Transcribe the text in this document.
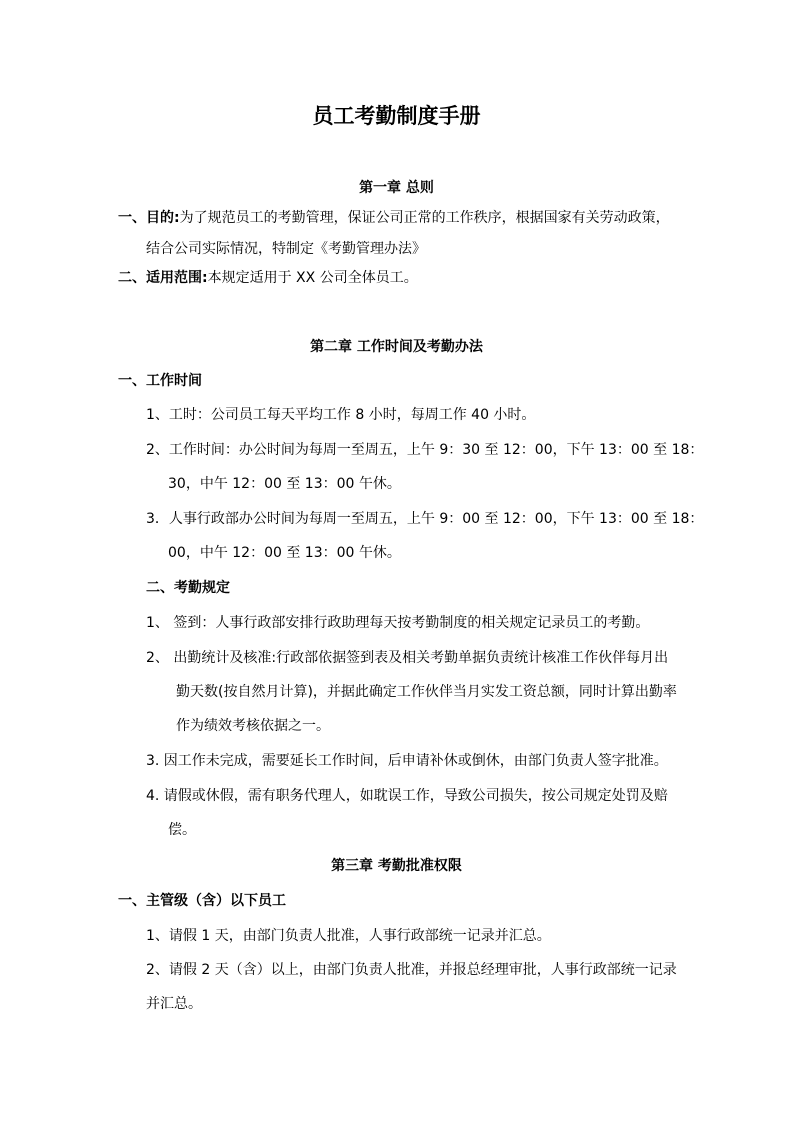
员工考勤制度手册
第一章 总则
一、目的:为了规范员工的考勤管理，保证公司正常的工作秩序，根据国家有关劳动政策，
结合公司实际情况，特制定《考勤管理办法》
二、适用范围:本规定适用于 XX 公司全体员工。
第二章 工作时间及考勤办法
一、工作时间
1、工时：公司员工每天平均工作 8 小时，每周工作 40 小时。
2、工作时间：办公时间为每周一至周五，上午 9：30 至 12：00，下午 13：00 至 18：
30，中午 12：00 至 13：00 午休。
3．人事行政部办公时间为每周一至周五，上午 9：00 至 12：00，下午 13：00 至 18：
00，中午 12：00 至 13：00 午休。
二、考勤规定
1、 签到：人事行政部安排行政助理每天按考勤制度的相关规定记录员工的考勤。
2、 出勤统计及核准:行政部依据签到表及相关考勤单据负责统计核准工作伙伴每月出
勤天数(按自然月计算)，并据此确定工作伙伴当月实发工资总额，同时计算出勤率
作为绩效考核依据之一。
3. 因工作未完成，需要延长工作时间，后申请补休或倒休，由部门负责人签字批准。
4. 请假或休假，需有职务代理人，如耽误工作，导致公司损失，按公司规定处罚及赔
偿。
第三章 考勤批准权限
一、主管级（含）以下员工
1、请假 1 天，由部门负责人批准，人事行政部统一记录并汇总。
2、请假 2 天（含）以上，由部门负责人批准，并报总经理审批，人事行政部统一记录
并汇总。
